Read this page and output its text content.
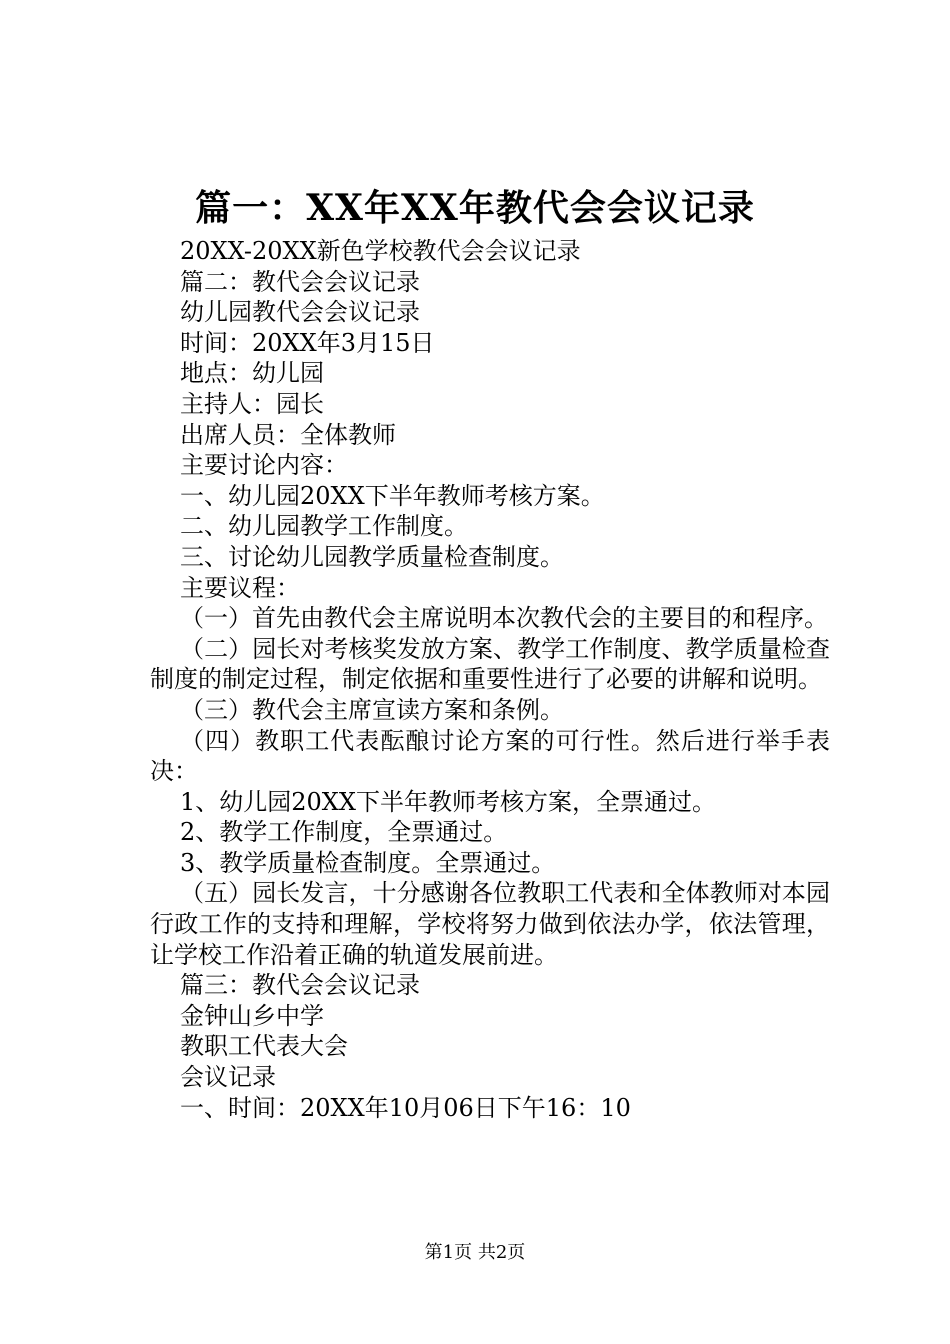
篇一：XX年XX年教代会会议记录
20XX-20XX新色学校教代会会议记录
篇二：教代会会议记录
幼儿园教代会会议记录
时间：20XX年3月15日
地点：幼儿园
主持人：园长
出席人员：全体教师
主要讨论内容：
一、幼儿园20XX下半年教师考核方案。
二、幼儿园教学工作制度。
三、讨论幼儿园教学质量检查制度。
主要议程：
（一）首先由教代会主席说明本次教代会的主要目的和程序。
（二）园长对考核奖发放方案、教学工作制度、教学质量检查制度的制定过程，制定依据和重要性进行了必要的讲解和说明。
（三）教代会主席宣读方案和条例。
（四）教职工代表酝酿讨论方案的可行性。然后进行举手表决：
1、幼儿园20XX下半年教师考核方案，全票通过。
2、教学工作制度，全票通过。
3、教学质量检查制度。全票通过。
（五）园长发言，十分感谢各位教职工代表和全体教师对本园行政工作的支持和理解，学校将努力做到依法办学，依法管理，让学校工作沿着正确的轨道发展前进。
篇三：教代会会议记录
金钟山乡中学
教职工代表大会
会议记录
一、时间：20XX年10月06日下午16：10
第1页 共2页
